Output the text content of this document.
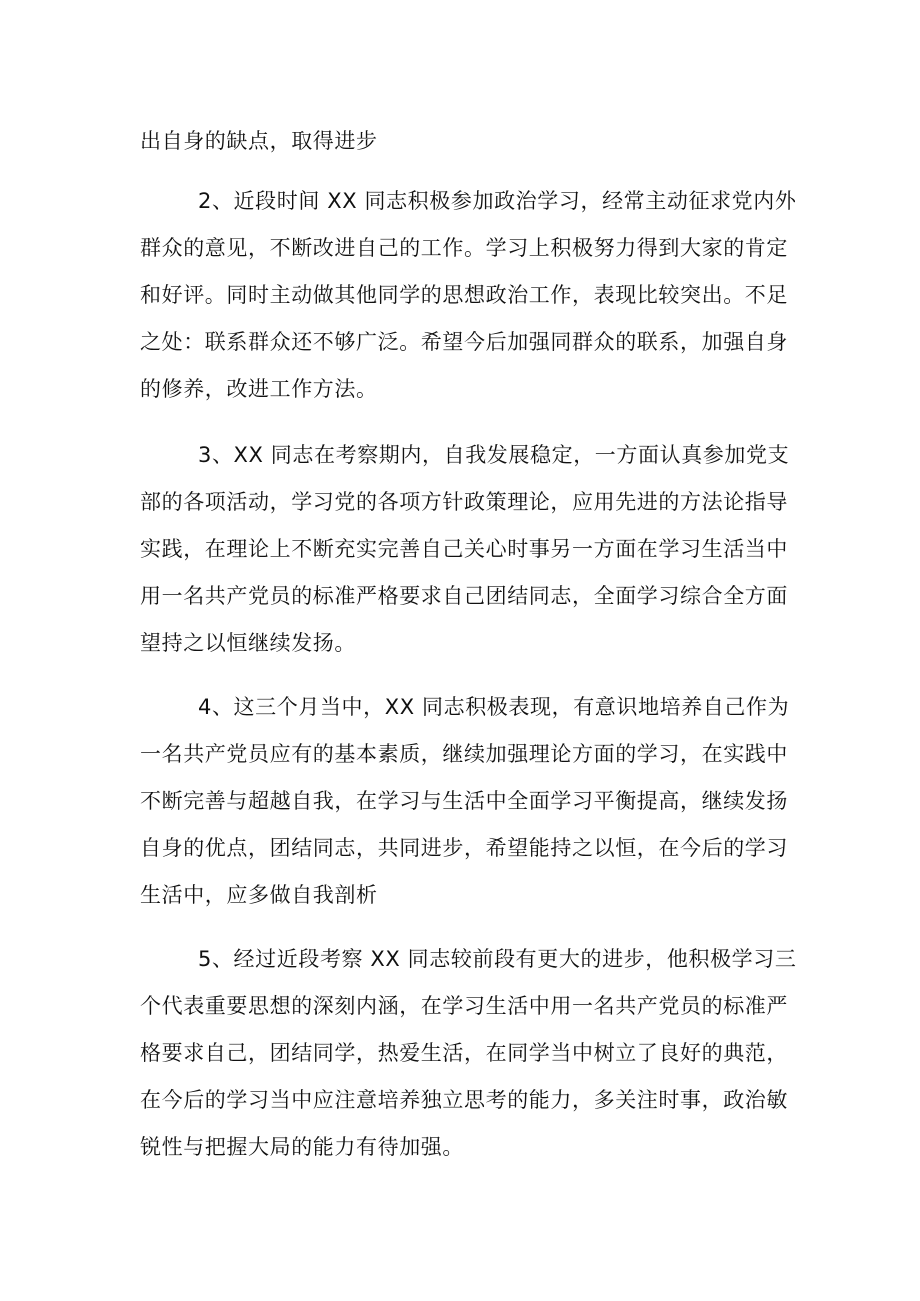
出自身的缺点，取得进步
2、近段时间 XX 同志积极参加政治学习，经常主动征求党内外
群众的意见，不断改进自己的工作。学习上积极努力得到大家的肯定
和好评。同时主动做其他同学的思想政治工作，表现比较突出。不足
之处：联系群众还不够广泛。希望今后加强同群众的联系，加强自身
的修养，改进工作方法。
3、XX 同志在考察期内，自我发展稳定，一方面认真参加党支
部的各项活动，学习党的各项方针政策理论，应用先进的方法论指导
实践，在理论上不断充实完善自己关心时事另一方面在学习生活当中
用一名共产党员的标准严格要求自己团结同志，全面学习综合全方面
望持之以恒继续发扬。
4、这三个月当中，XX 同志积极表现，有意识地培养自己作为
一名共产党员应有的基本素质，继续加强理论方面的学习，在实践中
不断完善与超越自我，在学习与生活中全面学习平衡提高，继续发扬
自身的优点，团结同志，共同进步，希望能持之以恒，在今后的学习
生活中，应多做自我剖析
5、经过近段考察 XX 同志较前段有更大的进步，他积极学习三
个代表重要思想的深刻内涵，在学习生活中用一名共产党员的标准严
格要求自己，团结同学，热爱生活，在同学当中树立了良好的典范，
在今后的学习当中应注意培养独立思考的能力，多关注时事，政治敏
锐性与把握大局的能力有待加强。
